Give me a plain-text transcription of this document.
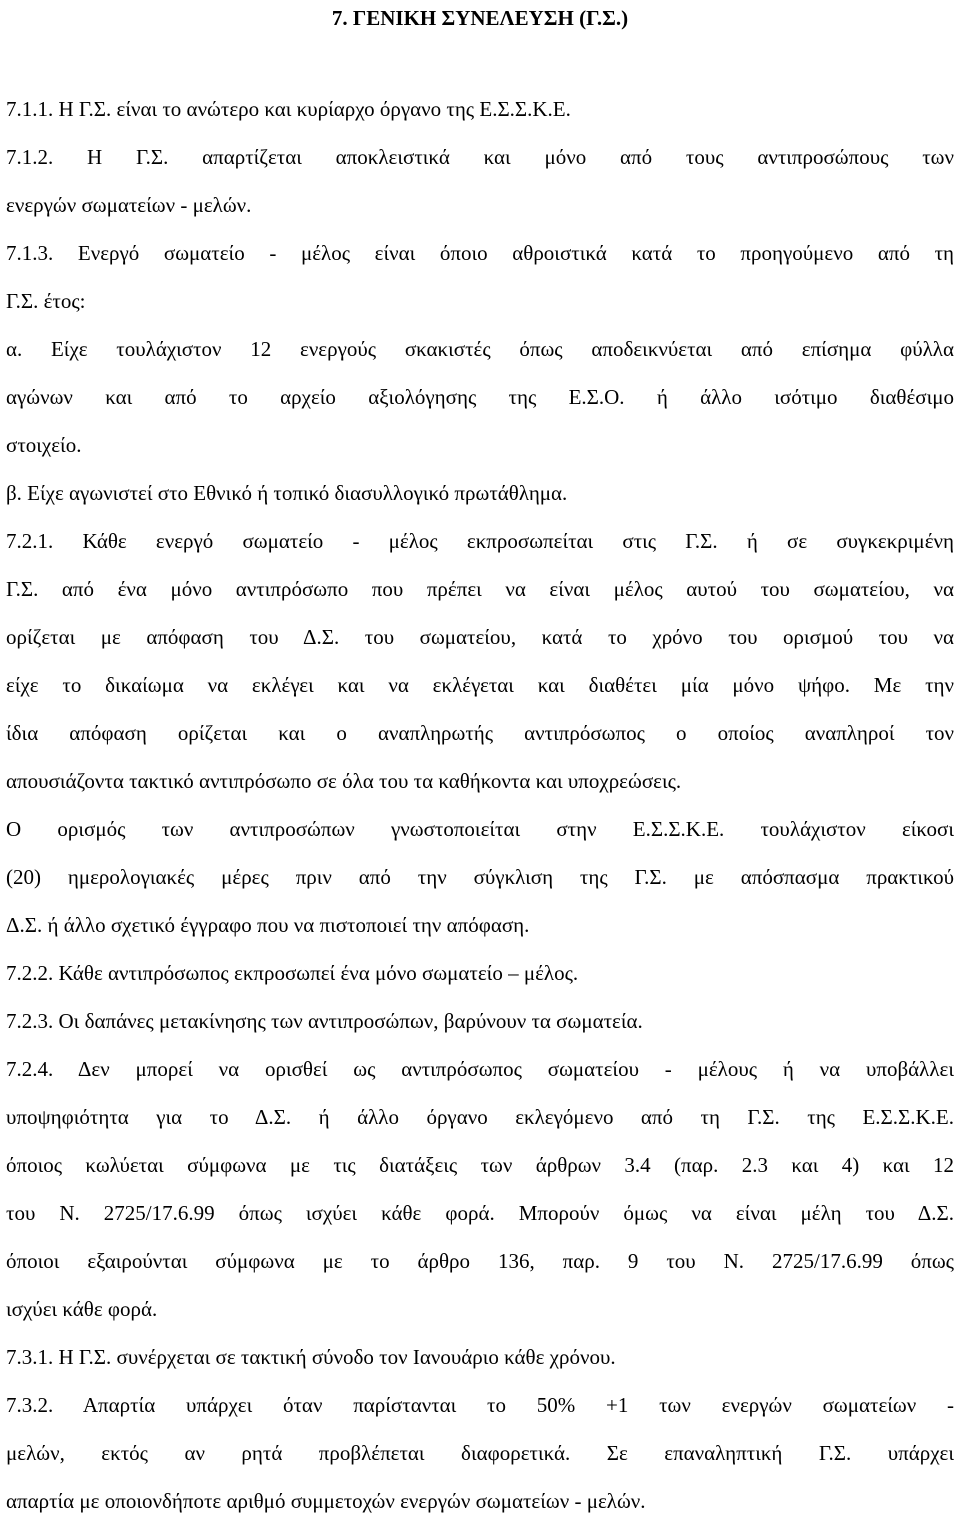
7. ΓΕΝΙΚΗ ΣΥΝΕΛΕΥΣΗ (Γ.Σ.)

7.1.1. Η Γ.Σ. είναι το ανώτερο και κυρίαρχο όργανο της Ε.Σ.Σ.Κ.Ε.

7.1.2. Η Γ.Σ. απαρτίζεται αποκλειστικά και μόνο από τους αντιπροσώπους των

ενεργών σωματείων - μελών.

7.1.3. Ενεργό σωματείο - μέλος είναι όποιο αθροιστικά κατά το προηγούμενο από τη

Γ.Σ. έτος:

α. Είχε τουλάχιστον 12 ενεργούς σκακιστές όπως αποδεικνύεται από επίσημα φύλλα

αγώνων και από το αρχείο αξιολόγησης της Ε.Σ.Ο. ή άλλο ισότιμο διαθέσιμο

στοιχείο.

β. Είχε αγωνιστεί στο Εθνικό ή τοπικό διασυλλογικό πρωτάθλημα.

7.2.1. Κάθε ενεργό σωματείο - μέλος εκπροσωπείται στις Γ.Σ. ή σε συγκεκριμένη

Γ.Σ. από ένα μόνο αντιπρόσωπο που πρέπει να είναι μέλος αυτού του σωματείου, να

ορίζεται με απόφαση του Δ.Σ. του σωματείου, κατά το χρόνο του ορισμού του να

είχε το δικαίωμα να εκλέγει και να εκλέγεται και διαθέτει μία μόνο ψήφο. Με την

ίδια απόφαση ορίζεται και ο αναπληρωτής αντιπρόσωπος ο οποίος αναπληροί τον

απουσιάζοντα τακτικό αντιπρόσωπο σε όλα του τα καθήκοντα και υποχρεώσεις.

Ο ορισμός των αντιπροσώπων γνωστοποιείται στην Ε.Σ.Σ.Κ.Ε. τουλάχιστον είκοσι

(20) ημερολογιακές μέρες πριν από την σύγκλιση της Γ.Σ. με απόσπασμα πρακτικού

Δ.Σ. ή άλλο σχετικό έγγραφο που να πιστοποιεί την απόφαση.

7.2.2. Κάθε αντιπρόσωπος εκπροσωπεί ένα μόνο σωματείο – μέλος.

7.2.3. Οι δαπάνες μετακίνησης των αντιπροσώπων, βαρύνουν τα σωματεία.

7.2.4. Δεν μπορεί να ορισθεί ως αντιπρόσωπος σωματείου - μέλους ή να υποβάλλει

υποψηφιότητα για το Δ.Σ. ή άλλο όργανο εκλεγόμενο από τη Γ.Σ. της Ε.Σ.Σ.Κ.Ε.

όποιος κωλύεται σύμφωνα με τις διατάξεις των άρθρων 3.4 (παρ. 2.3 και 4) και 12

του Ν. 2725/17.6.99 όπως ισχύει κάθε φορά. Μπορούν όμως να είναι μέλη του Δ.Σ.

όποιοι εξαιρούνται σύμφωνα με το άρθρο 136, παρ. 9 του Ν. 2725/17.6.99 όπως

ισχύει κάθε φορά.

7.3.1. Η Γ.Σ. συνέρχεται σε τακτική σύνοδο τον Ιανουάριο κάθε χρόνου.

7.3.2. Απαρτία υπάρχει όταν παρίστανται το 50% +1 των ενεργών σωματείων -

μελών, εκτός αν ρητά προβλέπεται διαφορετικά. Σε επαναληπτική Γ.Σ. υπάρχει

απαρτία με οποιονδήποτε αριθμό συμμετοχών ενεργών σωματείων - μελών.
